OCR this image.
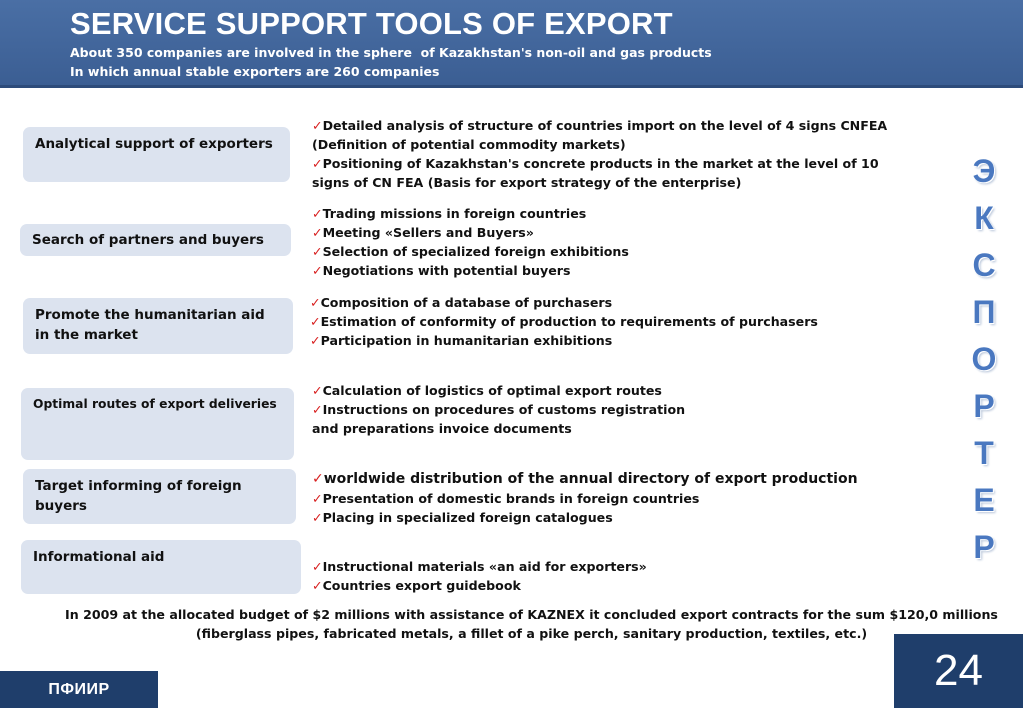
SERVICE SUPPORT TOOLS OF EXPORT
About 350 companies are involved in the sphere  of Kazakhstan's non-oil and gas products
In which annual stable exporters are 260 companies
Analytical support of exporters
✓Detailed analysis of structure of countries import on the level of 4 signs CNFEA (Definition of potential commodity markets)
✓Positioning of Kazakhstan's concrete products in the market at the level of 10 signs of CN FEA (Basis for export strategy of the enterprise)
Search of partners and buyers
✓Trading missions in foreign countries
✓Meeting «Sellers and Buyers»
✓Selection of specialized foreign exhibitions
✓Negotiations with potential buyers
Promote the humanitarian aid in the market
✓Composition of a database of purchasers
✓Estimation of conformity of production to requirements of purchasers
✓Participation in humanitarian exhibitions
Optimal routes of export deliveries
✓Calculation of logistics of optimal export routes
✓Instructions on procedures of customs registration
and preparations invoice documents
Target informing of foreign buyers
✓worldwide distribution of the annual directory of export production
✓Presentation of domestic brands in foreign countries
✓Placing in specialized foreign catalogues
Informational aid
✓Instructional materials «an aid for exporters»
✓Countries export guidebook
Э
К
С
П
О
Р
Т
Е
Р
In 2009 at the allocated budget of $2 millions with assistance of KAZNEX it concluded export contracts for the sum $120,0 millions
(fiberglass pipes, fabricated metals, a fillet of a pike perch, sanitary production, textiles, etc.)
ПФИИР	24
